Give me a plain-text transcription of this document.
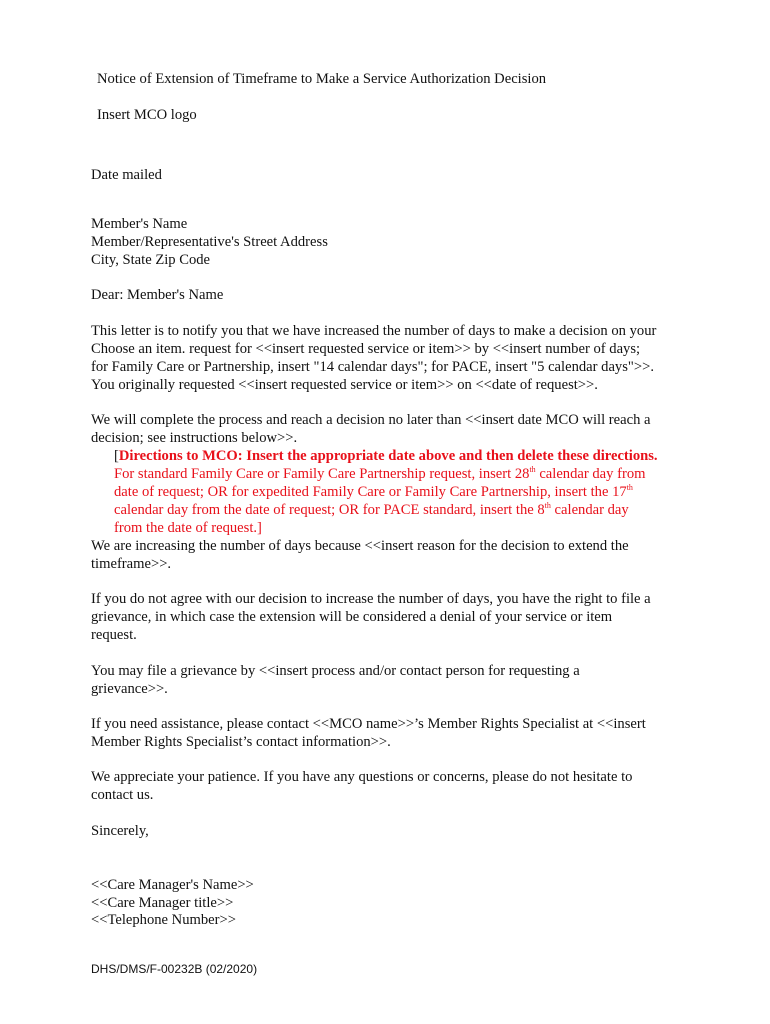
Notice of Extension of Timeframe to Make a Service Authorization Decision
Insert MCO logo
Date mailed
Member's Name
Member/Representative's Street Address
City, State Zip Code
Dear: Member's Name
This letter is to notify you that we have increased the number of days to make a decision on your
Choose an item. request for <<insert requested service or item>> by <<insert number of days;
for Family Care or Partnership, insert "14 calendar days"; for PACE, insert "5 calendar days">>.
You originally requested <<insert requested service or item>> on <<date of request>>.
We will complete the process and reach a decision no later than <<insert date MCO will reach a
decision; see instructions below>>.
[Directions to MCO: Insert the appropriate date above and then delete these directions.
For standard Family Care or Family Care Partnership request, insert 28th calendar day from
date of request; OR for expedited Family Care or Family Care Partnership, insert the 17th
calendar day from the date of request; OR for PACE standard, insert the 8th calendar day
from the date of request.]
We are increasing the number of days because <<insert reason for the decision to extend the
timeframe>>.
If you do not agree with our decision to increase the number of days, you have the right to file a
grievance, in which case the extension will be considered a denial of your service or item
request.
You may file a grievance by <<insert process and/or contact person for requesting a
grievance>>.
If you need assistance, please contact <<MCO name>>’s Member Rights Specialist at <<insert
Member Rights Specialist’s contact information>>.
We appreciate your patience. If you have any questions or concerns, please do not hesitate to
contact us.
Sincerely,
<<Care Manager's Name>>
<<Care Manager title>>
<<Telephone Number>>
DHS/DMS/F-00232B (02/2020)
